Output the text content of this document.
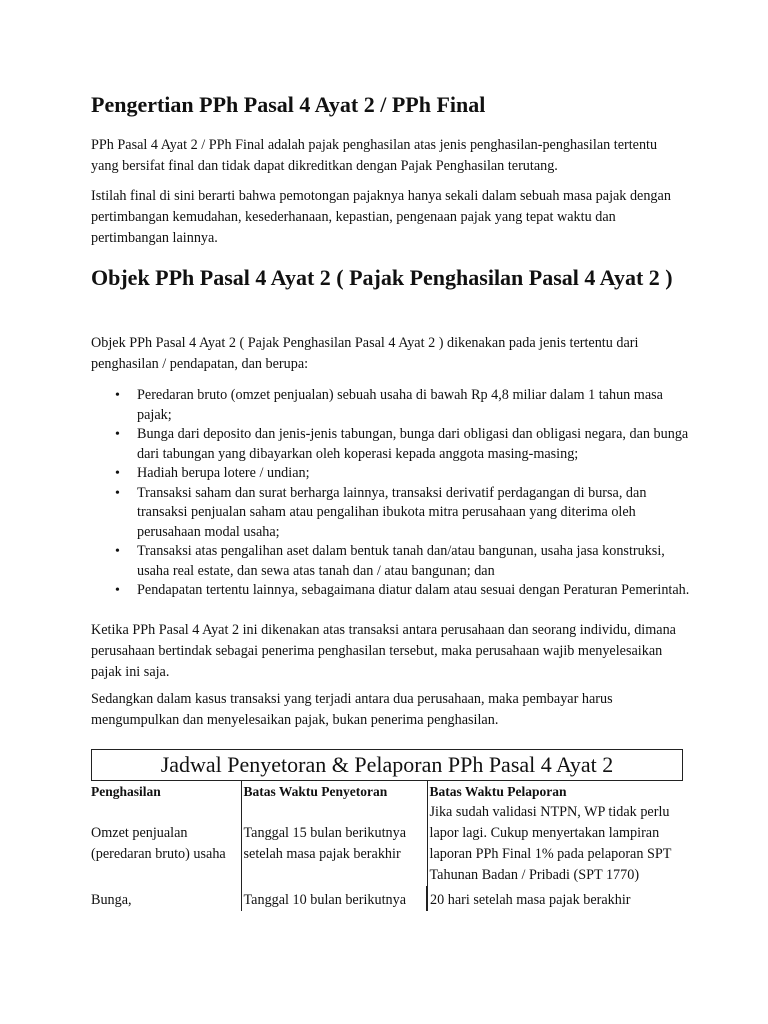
Pengertian PPh Pasal 4 Ayat 2 / PPh Final

PPh Pasal 4 Ayat 2 / PPh Final adalah pajak penghasilan atas jenis penghasilan-penghasilan tertentu yang bersifat final dan tidak dapat dikreditkan dengan Pajak Penghasilan terutang.

Istilah final di sini berarti bahwa pemotongan pajaknya hanya sekali dalam sebuah masa pajak dengan pertimbangan kemudahan, kesederhanaan, kepastian, pengenaan pajak yang tepat waktu dan pertimbangan lainnya.

Objek PPh Pasal 4 Ayat 2 ( Pajak Penghasilan Pasal 4 Ayat 2 )

Objek PPh Pasal 4 Ayat 2 ( Pajak Penghasilan Pasal 4 Ayat 2 ) dikenakan pada jenis tertentu dari penghasilan / pendapatan, dan berupa:

• Peredaran bruto (omzet penjualan) sebuah usaha di bawah Rp 4,8 miliar dalam 1 tahun masa pajak;
• Bunga dari deposito dan jenis-jenis tabungan, bunga dari obligasi dan obligasi negara, dan bunga dari tabungan yang dibayarkan oleh koperasi kepada anggota masing-masing;
• Hadiah berupa lotere / undian;
• Transaksi saham dan surat berharga lainnya, transaksi derivatif perdagangan di bursa, dan transaksi penjualan saham atau pengalihan ibukota mitra perusahaan yang diterima oleh perusahaan modal usaha;
• Transaksi atas pengalihan aset dalam bentuk tanah dan/atau bangunan, usaha jasa konstruksi, usaha real estate, dan sewa atas tanah dan / atau bangunan; dan
• Pendapatan tertentu lainnya, sebagaimana diatur dalam atau sesuai dengan Peraturan Pemerintah.

Ketika PPh Pasal 4 Ayat 2 ini dikenakan atas transaksi antara perusahaan dan seorang individu, dimana perusahaan bertindak sebagai penerima penghasilan tersebut, maka perusahaan wajib menyelesaikan pajak ini saja.

Sedangkan dalam kasus transaksi yang terjadi antara dua perusahaan, maka pembayar harus mengumpulkan dan menyelesaikan pajak, bukan penerima penghasilan.

Jadwal Penyetoran & Pelaporan PPh Pasal 4 Ayat 2
Penghasilan	Batas Waktu Penyetoran	Batas Waktu Pelaporan
Omzet penjualan (peredaran bruto) usaha	Tanggal 15 bulan berikutnya setelah masa pajak berakhir	Jika sudah validasi NTPN, WP tidak perlu lapor lagi. Cukup menyertakan lampiran laporan PPh Final 1% pada pelaporan SPT Tahunan Badan / Pribadi (SPT 1770)
Bunga,	Tanggal 10 bulan berikutnya	20 hari setelah masa pajak berakhir
